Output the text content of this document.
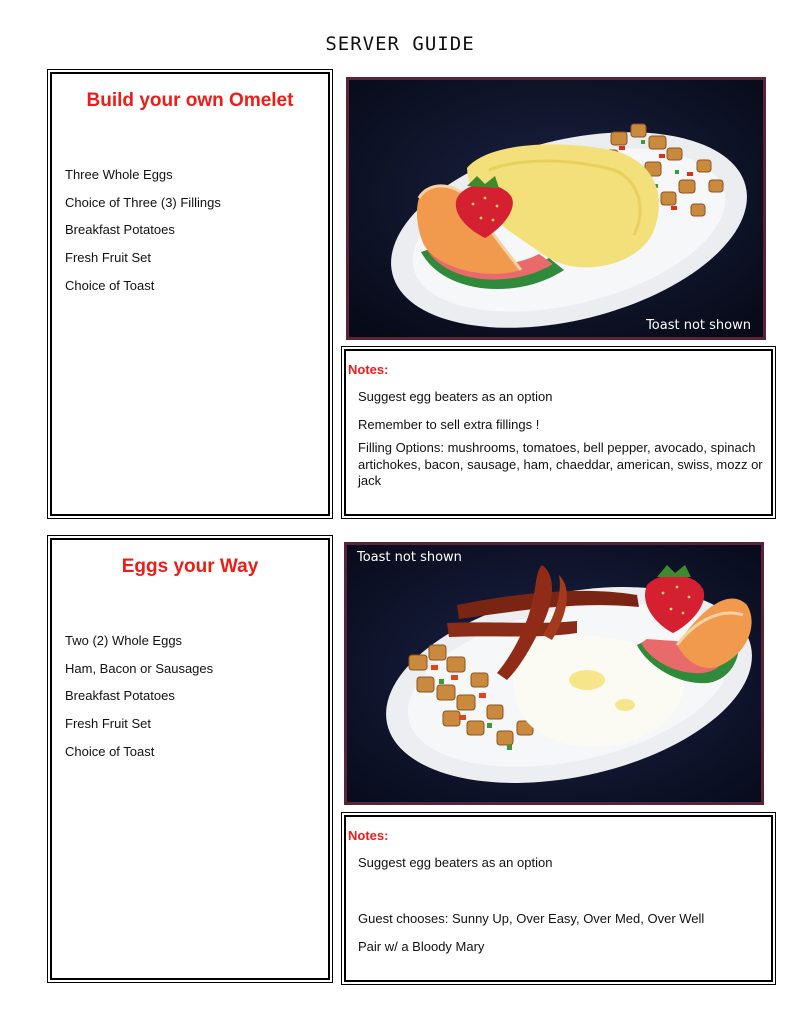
SERVER GUIDE
Build your own Omelet
Three Whole Eggs
Choice of Three (3) Fillings
Breakfast Potatoes
Fresh Fruit Set
Choice of Toast
Toast not shown
Notes:

Suggest egg beaters as an option

Remember to sell extra fillings !

Filling Options: mushrooms, tomatoes, bell pepper, avocado, spinach artichokes, bacon, sausage, ham, chaeddar, american, swiss, mozz or jack

Eggs your Way
Two (2) Whole Eggs
Ham, Bacon or Sausages
Breakfast Potatoes
Fresh Fruit Set
Choice of Toast
Toast not shown
Notes:

Suggest egg beaters as an option

Guest chooses: Sunny Up, Over Easy, Over Med, Over Well

Pair w/ a Bloody Mary
